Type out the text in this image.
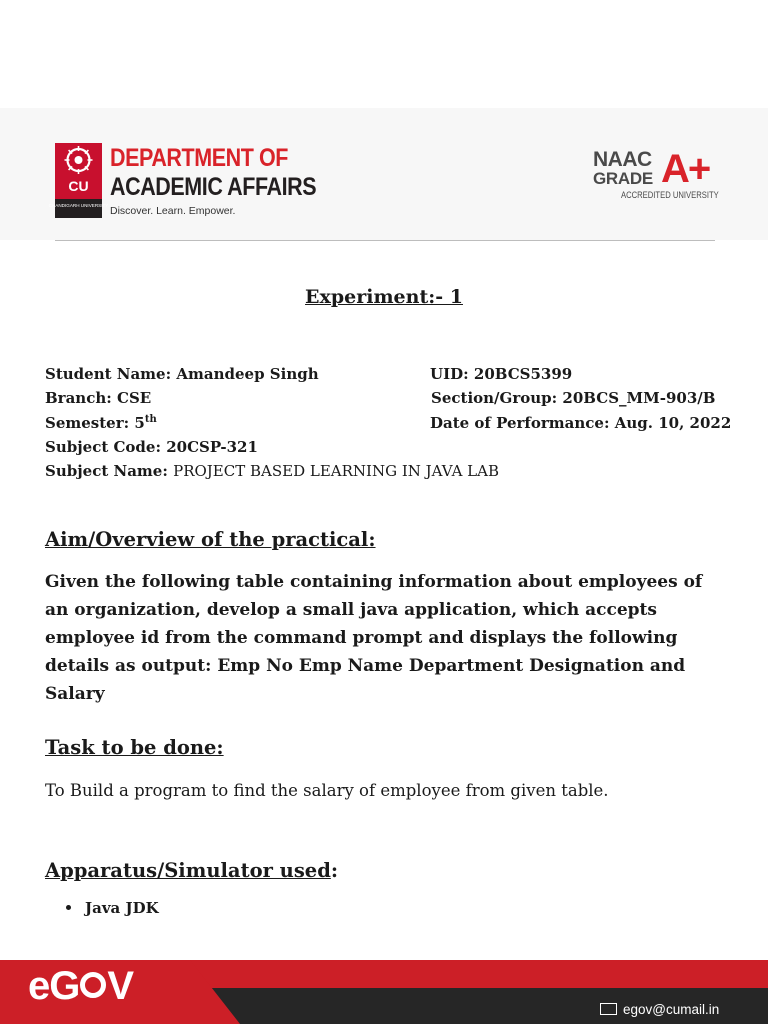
CU
CHANDIGARH UNIVERSITY
DEPARTMENT OF
ACADEMIC AFFAIRS
Discover. Learn. Empower.
NAAC
GRADE A+
ACCREDITED UNIVERSITY
Experiment:- 1
Student Name: Amandeep Singh	UID: 20BCS5399
Branch: CSE	Section/Group: 20BCS_MM-903/B
Semester: 5th	Date of Performance: Aug. 10, 2022
Subject Code: 20CSP-321
Subject Name: PROJECT BASED LEARNING IN JAVA LAB
Aim/Overview of the practical:
Given the following table containing information about employees of an organization, develop a small java application, which accepts employee id from the command prompt and displays the following details as output: Emp No Emp Name Department Designation and Salary
Task to be done:
To Build a program to find the salary of employee from given table.
Apparatus/Simulator used:
Java JDK
eG V
egov@cumail.in
